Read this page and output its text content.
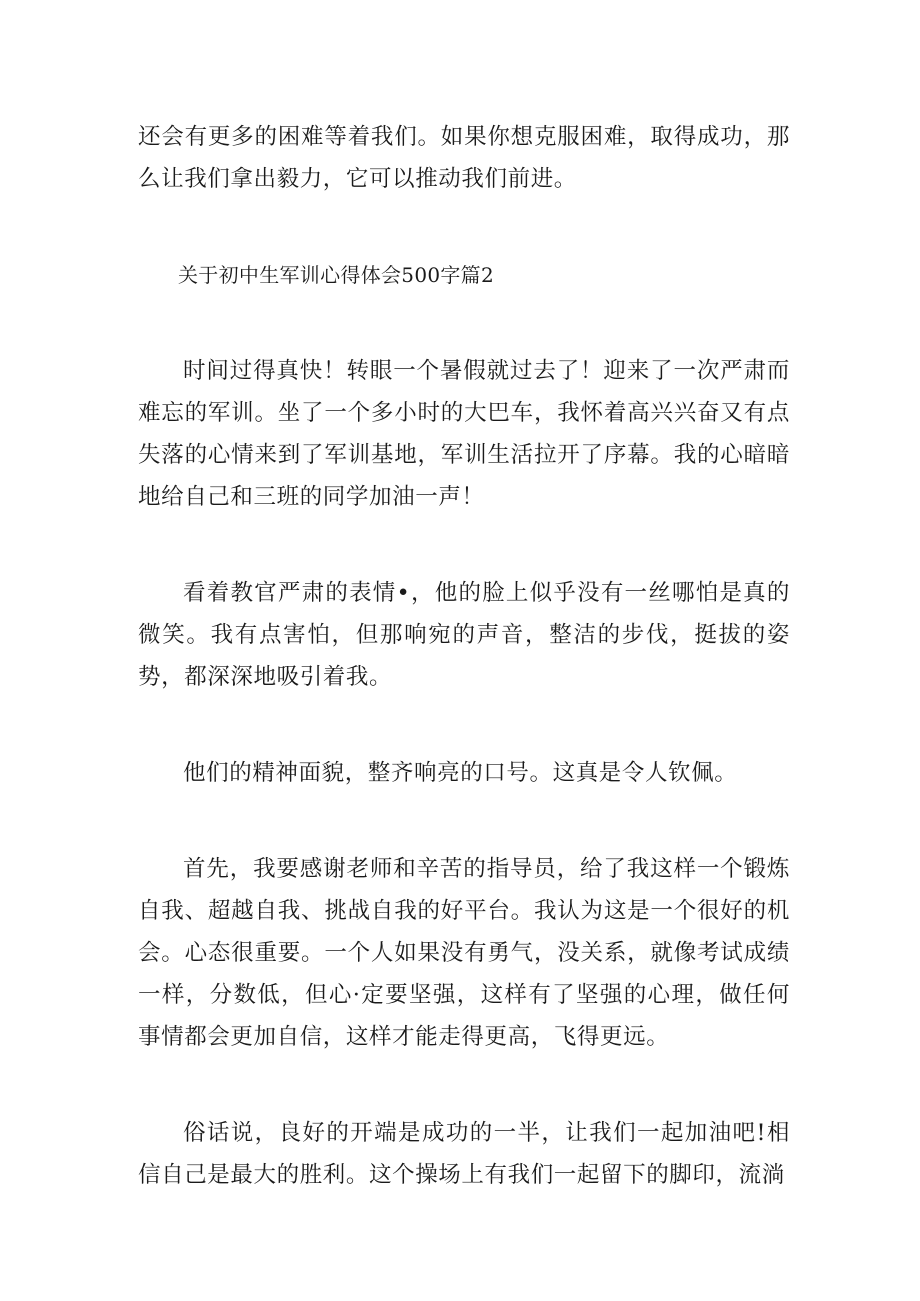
还会有更多的困难等着我们。如果你想克服困难，取得成功，那么让我们拿出毅力，它可以推动我们前进。

关于初中生军训心得体会500字篇2

时间过得真快！转眼一个暑假就过去了！迎来了一次严肃而难忘的军训。坐了一个多小时的大巴车，我怀着高兴兴奋又有点失落的心情来到了军训基地，军训生活拉开了序幕。我的心暗暗地给自己和三班的同学加油一声！

看着教官严肃的表情•，他的脸上似乎没有一丝哪怕是真的微笑。我有点害怕，但那响宛的声音，整洁的步伐，挺拔的姿势，都深深地吸引着我。

他们的精神面貌，整齐响亮的口号。这真是令人钦佩。

首先，我要感谢老师和辛苦的指导员，给了我这样一个锻炼自我、超越自我、挑战自我的好平台。我认为这是一个很好的机会。心态很重要。一个人如果没有勇气，没关系，就像考试成绩一样，分数低，但心·定要坚强，这样有了坚强的心理，做任何事情都会更加自信，这样才能走得更高，飞得更远。

俗话说，良好的开端是成功的一半，让我们一起加油吧!相信自己是最大的胜利。这个操场上有我们一起留下的脚印，流淌
